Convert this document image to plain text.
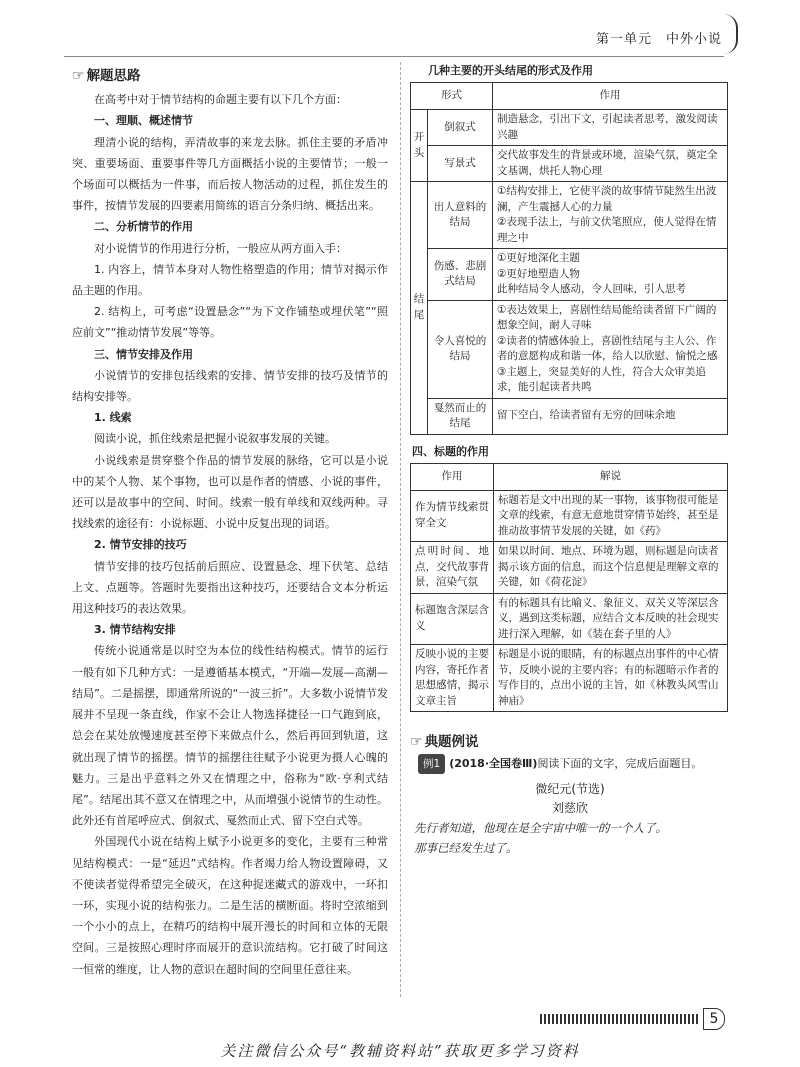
第一单元　中外小说
☞ 解题思路

在高考中对于情节结构的命题主要有以下几个方面：

一、理顺、概述情节

理清小说的结构，弄清故事的来龙去脉。抓住主要的矛盾冲突、重要场面、重要事件等几方面概括小说的主要情节；一般一个场面可以概括为一件事，而后按人物活动的过程，抓住发生的事件，按情节发展的四要素用简练的语言分条归纳、概括出来。

二、分析情节的作用

对小说情节的作用进行分析，一般应从两方面入手：

1. 内容上，情节本身对人物性格塑造的作用；情节对揭示作品主题的作用。

2. 结构上，可考虑“设置悬念”“为下文作铺垫或埋伏笔”“照应前文”“推动情节发展”等等。

三、情节安排及作用

小说情节的安排包括线索的安排、情节安排的技巧及情节的结构安排等。

1. 线索

阅读小说，抓住线索是把握小说叙事发展的关键。

小说线索是贯穿整个作品的情节发展的脉络，它可以是小说中的某个人物、某个事物，也可以是作者的情感、小说的事件，还可以是故事中的空间、时间。线索一般有单线和双线两种。寻找线索的途径有：小说标题、小说中反复出现的词语。

2. 情节安排的技巧

情节安排的技巧包括前后照应、设置悬念、埋下伏笔、总结上文、点题等。答题时先要指出这种技巧，还要结合文本分析运用这种技巧的表达效果。

3. 情节结构安排

传统小说通常是以时空为本位的线性结构模式。情节的运行一般有如下几种方式：一是遵循基本模式，“开端—发展—高潮—结局”。二是摇摆，即通常所说的“一波三折”。大多数小说情节发展并不呈现一条直线，作家不会让人物选择捷径一口气跑到底，总会在某处放慢速度甚至停下来做点什么，然后再回到轨道，这就出现了情节的摇摆。情节的摇摆往往赋予小说更为摄人心魄的魅力。三是出乎意料之外又在情理之中，俗称为“欧·亨利式结尾”。结尾出其不意又在情理之中，从而增强小说情节的生动性。此外还有首尾呼应式、倒叙式、戛然而止式、留下空白式等。

外国现代小说在结构上赋予小说更多的变化，主要有三种常见结构模式：一是“延迟”式结构。作者竭力给人物设置障碍，又不使读者觉得希望完全破灭，在这种捉迷藏式的游戏中，一环扣一环，实现小说的结构张力。二是生活的横断面。将时空浓缩到一个小小的点上，在精巧的结构中展开漫长的时间和立体的无限空间。三是按照心理时序而展开的意识流结构。它打破了时间这一恒常的维度，让人物的意识在超时间的空间里任意往来。

几种主要的开头结尾的形式及作用
形式		作用
开头	倒叙式	制造悬念，引出下文，引起读者思考，激发阅读兴趣
	写景式	交代故事发生的背景或环境，渲染气氛，奠定全文基调，烘托人物心理
结尾	出人意料的结局	①结构安排上，它使平淡的故事情节陡然生出波澜，产生震撼人心的力量
②表现手法上，与前文伏笔照应，使人觉得在情理之中
	伤感、悲剧式结局	①更好地深化主题
②更好地塑造人物
此种结局令人感动，令人回味，引人思考
	令人喜悦的结局	①表达效果上，喜剧性结局能给读者留下广阔的想象空间，耐人寻味
②读者的情感体验上，喜剧性结尾与主人公、作者的意愿构成和谐一体，给人以欣慰、愉悦之感
③主题上，突显美好的人性，符合大众审美追求，能引起读者共鸣
	戛然而止的结尾	留下空白，给读者留有无穷的回味余地
四、标题的作用
作用	解说
作为情节线索贯穿全文	标题若是文中出现的某一事物，该事物很可能是文章的线索，有意无意地贯穿情节始终，甚至是推动故事情节发展的关键，如《药》
点明时间、地点，交代故事背景，渲染气氛	如果以时间、地点、环境为题，则标题是向读者揭示该方面的信息，而这个信息便是理解文章的关键，如《荷花淀》
标题饱含深层含义	有的标题具有比喻义、象征义、双关义等深层含义，遇到这类标题，应结合文本反映的社会现实进行深入理解，如《装在套子里的人》
反映小说的主要内容，寄托作者思想感情，揭示文章主旨	标题是小说的眼睛，有的标题点出事件的中心情节，反映小说的主要内容；有的标题暗示作者的写作目的，点出小说的主旨，如《林教头风雪山神庙》
☞ 典题例说
例1 (2018·全国卷Ⅲ)阅读下面的文字，完成后面题目。
微纪元(节选)
刘慈欣
先行者知道，他现在是全宇宙中唯一的一个人了。
那事已经发生过了。
5
关注微信公众号“教辅资料站”获取更多学习资料
